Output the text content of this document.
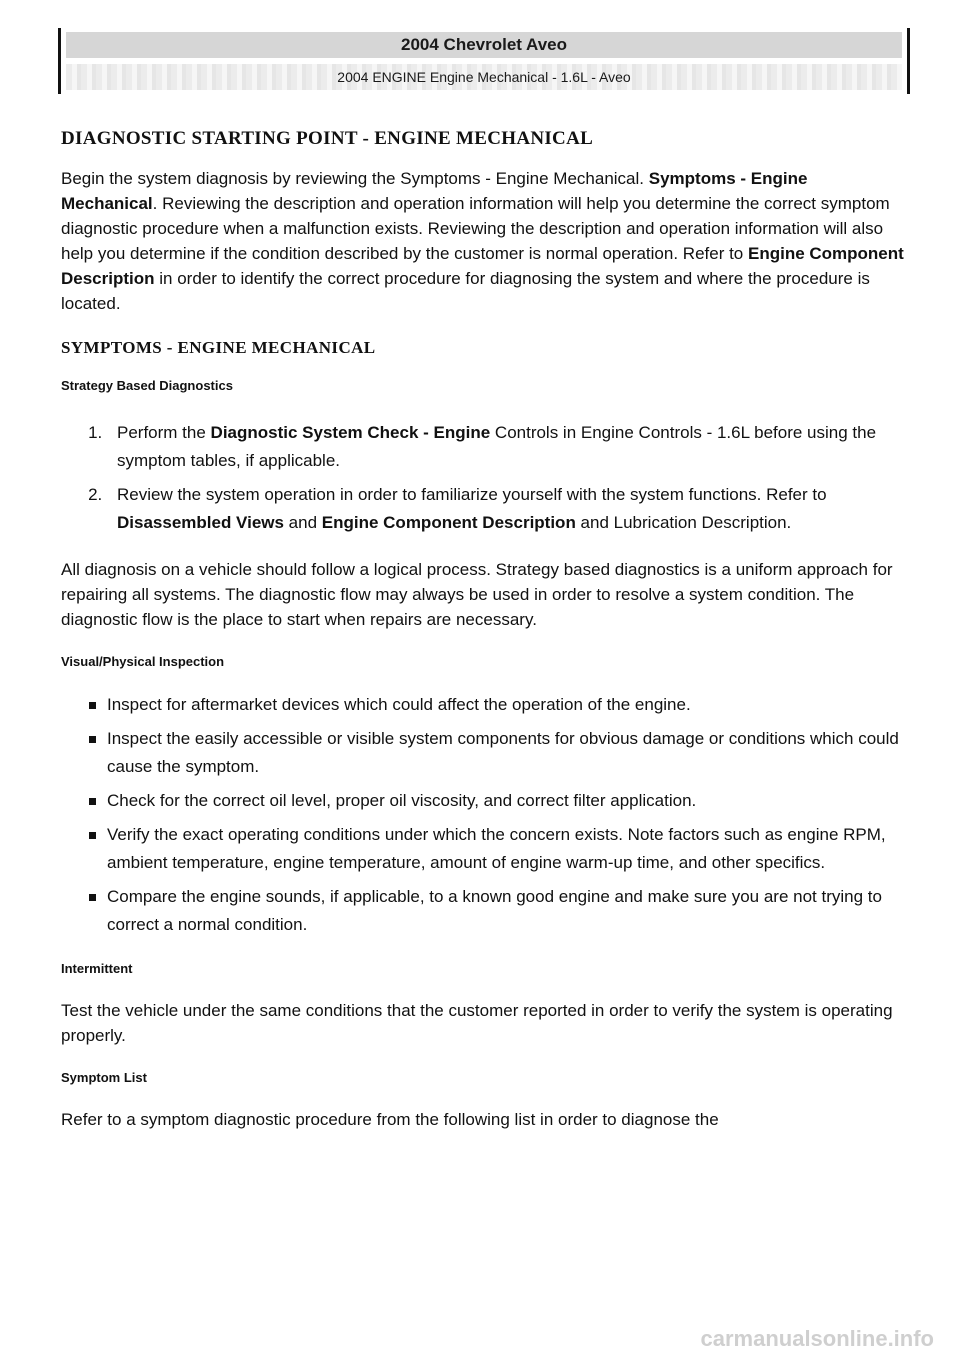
2004 Chevrolet Aveo
2004 ENGINE Engine Mechanical - 1.6L - Aveo
DIAGNOSTIC STARTING POINT - ENGINE MECHANICAL

Begin the system diagnosis by reviewing the Symptoms - Engine Mechanical. Symptoms - Engine Mechanical. Reviewing the description and operation information will help you determine the correct symptom diagnostic procedure when a malfunction exists. Reviewing the description and operation information will also help you determine if the condition described by the customer is normal operation. Refer to Engine Component Description in order to identify the correct procedure for diagnosing the system and where the procedure is located.

SYMPTOMS - ENGINE MECHANICAL
Strategy Based Diagnostics
1. Perform the Diagnostic System Check - Engine Controls in Engine Controls - 1.6L before using the symptom tables, if applicable.
2. Review the system operation in order to familiarize yourself with the system functions. Refer to Disassembled Views and Engine Component Description and Lubrication Description.

All diagnosis on a vehicle should follow a logical process. Strategy based diagnostics is a uniform approach for repairing all systems. The diagnostic flow may always be used in order to resolve a system condition. The diagnostic flow is the place to start when repairs are necessary.

Visual/Physical Inspection
Inspect for aftermarket devices which could affect the operation of the engine.
Inspect the easily accessible or visible system components for obvious damage or conditions which could cause the symptom.
Check for the correct oil level, proper oil viscosity, and correct filter application.
Verify the exact operating conditions under which the concern exists. Note factors such as engine RPM, ambient temperature, engine temperature, amount of engine warm-up time, and other specifics.
Compare the engine sounds, if applicable, to a known good engine and make sure you are not trying to correct a normal condition.
Intermittent

Test the vehicle under the same conditions that the customer reported in order to verify the system is operating properly.

Symptom List

Refer to a symptom diagnostic procedure from the following list in order to diagnose the

carmanualsonline.info
